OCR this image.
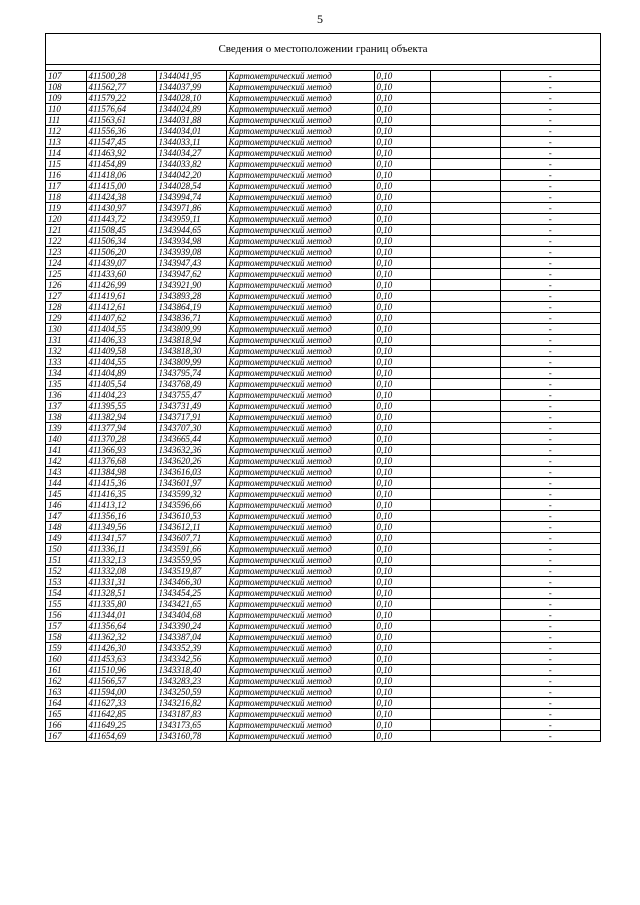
5
Сведения о местоположении границ объекта
107	411500,28	1344041,95	Картометрический метод	0,10		-
108	411562,77	1344037,99	Картометрический метод	0,10		-
109	411579,22	1344028,10	Картометрический метод	0,10		-
110	411576,64	1344024,89	Картометрический метод	0,10		-
111	411563,61	1344031,88	Картометрический метод	0,10		-
112	411556,36	1344034,01	Картометрический метод	0,10		-
113	411547,45	1344033,11	Картометрический метод	0,10		-
114	411463,92	1344034,27	Картометрический метод	0,10		-
115	411454,89	1344033,82	Картометрический метод	0,10		-
116	411418,06	1344042,20	Картометрический метод	0,10		-
117	411415,00	1344028,54	Картометрический метод	0,10		-
118	411424,38	1343994,74	Картометрический метод	0,10		-
119	411430,97	1343971,86	Картометрический метод	0,10		-
120	411443,72	1343959,11	Картометрический метод	0,10		-
121	411508,45	1343944,65	Картометрический метод	0,10		-
122	411506,34	1343934,98	Картометрический метод	0,10		-
123	411506,20	1343939,08	Картометрический метод	0,10		-
124	411439,07	1343947,43	Картометрический метод	0,10		-
125	411433,60	1343947,62	Картометрический метод	0,10		-
126	411426,99	1343921,90	Картометрический метод	0,10		-
127	411419,61	1343893,28	Картометрический метод	0,10		-
128	411412,61	1343864,19	Картометрический метод	0,10		-
129	411407,62	1343836,71	Картометрический метод	0,10		-
130	411404,55	1343809,99	Картометрический метод	0,10		-
131	411406,33	1343818,94	Картометрический метод	0,10		-
132	411409,58	1343818,30	Картометрический метод	0,10		-
133	411404,55	1343809,99	Картометрический метод	0,10		-
134	411404,89	1343795,74	Картометрический метод	0,10		-
135	411405,54	1343768,49	Картометрический метод	0,10		-
136	411404,23	1343755,47	Картометрический метод	0,10		-
137	411395,55	1343731,49	Картометрический метод	0,10		-
138	411382,94	1343717,91	Картометрический метод	0,10		-
139	411377,94	1343707,30	Картометрический метод	0,10		-
140	411370,28	1343665,44	Картометрический метод	0,10		-
141	411366,93	1343632,36	Картометрический метод	0,10		-
142	411376,68	1343620,26	Картометрический метод	0,10		-
143	411384,98	1343616,03	Картометрический метод	0,10		-
144	411415,36	1343601,97	Картометрический метод	0,10		-
145	411416,35	1343599,32	Картометрический метод	0,10		-
146	411413,12	1343596,66	Картометрический метод	0,10		-
147	411356,16	1343610,53	Картометрический метод	0,10		-
148	411349,56	1343612,11	Картометрический метод	0,10		-
149	411341,57	1343607,71	Картометрический метод	0,10		-
150	411336,11	1343591,66	Картометрический метод	0,10		-
151	411332,13	1343559,95	Картометрический метод	0,10		-
152	411332,08	1343519,87	Картометрический метод	0,10		-
153	411331,31	1343466,30	Картометрический метод	0,10		-
154	411328,51	1343454,25	Картометрический метод	0,10		-
155	411335,80	1343421,65	Картометрический метод	0,10		-
156	411344,01	1343404,68	Картометрический метод	0,10		-
157	411356,64	1343390,24	Картометрический метод	0,10		-
158	411362,32	1343387,04	Картометрический метод	0,10		-
159	411426,30	1343352,39	Картометрический метод	0,10		-
160	411453,63	1343342,56	Картометрический метод	0,10		-
161	411510,96	1343318,40	Картометрический метод	0,10		-
162	411566,57	1343283,23	Картометрический метод	0,10		-
163	411594,00	1343250,59	Картометрический метод	0,10		-
164	411627,33	1343216,82	Картометрический метод	0,10		-
165	411642,85	1343187,83	Картометрический метод	0,10		-
166	411649,25	1343173,65	Картометрический метод	0,10		-
167	411654,69	1343160,78	Картометрический метод	0,10		-
